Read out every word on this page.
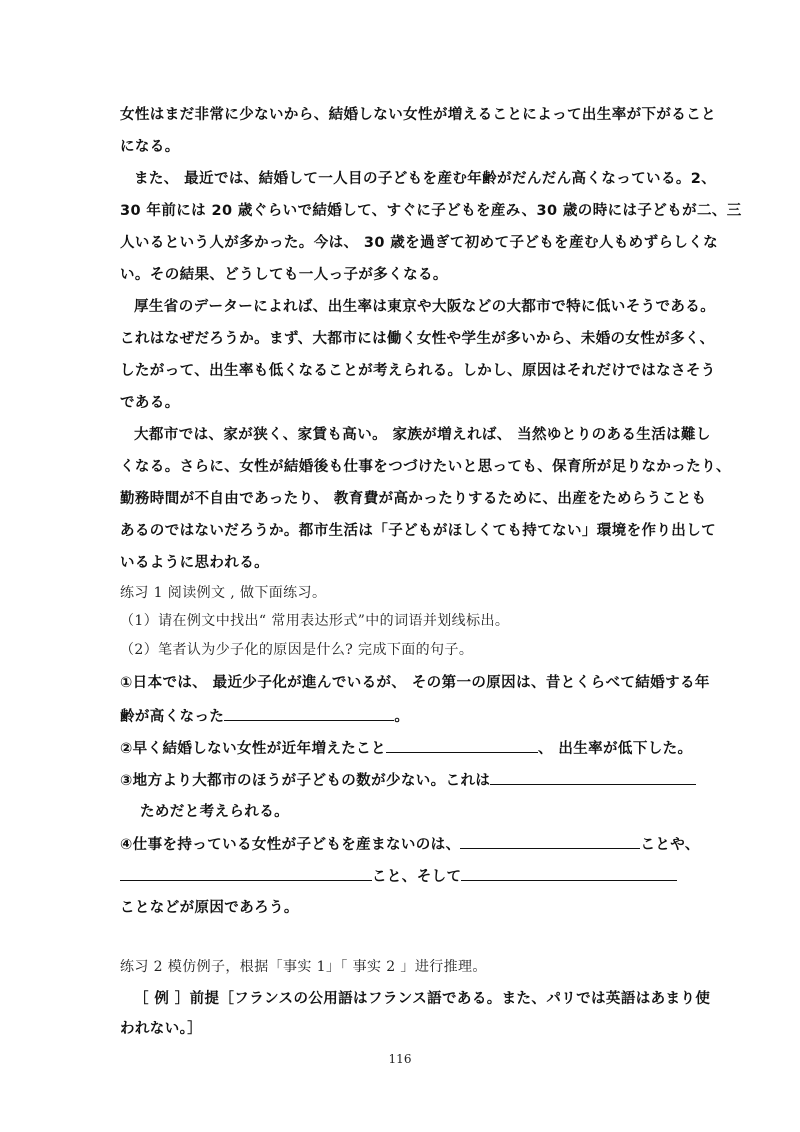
女性はまだ非常に少ないから、結婚しない女性が増えることによって出生率が下がること
になる。
また、 最近では、結婚して一人目の子どもを産む年齢がだんだん高くなっている。2、
30 年前には 20 歳ぐらいで結婚して、すぐに子どもを産み、30 歳の時には子どもが二、三
人いるという人が多かった。今は、 30 歳を過ぎて初めて子どもを産む人もめずらしくな
い。その結果、どうしても一人っ子が多くなる。
厚生省のデーターによれば、出生率は東京や大阪などの大都市で特に低いそうである。
これはなぜだろうか。まず、大都市には働く女性や学生が多いから、未婚の女性が多く、
したがって、出生率も低くなることが考えられる。しかし、原因はそれだけではなさそう
である。
大都市では、家が狭く、家賃も高い。 家族が増えれば、 当然ゆとりのある生活は難し
くなる。さらに、女性が結婚後も仕事をつづけたいと思っても、保育所が足りなかったり、
勤務時間が不自由であったり、 教育費が高かったりするために、出産をためらうことも
あるのではないだろうか。都市生活は「子どもがほしくても持てない」環境を作り出して
いるように思われる。
练习 1 阅读例文 , 做下面练习。
（1）请在例文中找出“ 常用表达形式”中的词语并划线标出。
（2）笔者认为少子化的原因是什么? 完成下面的句子。
①日本では、 最近少子化が進んでいるが、 その第一の原因は、昔とくらべて結婚する年
齢が高くなった	。
②早く結婚しない女性が近年増えたこと	、 出生率が低下した。
③地方より大都市のほうが子どもの数が少ない。これは
ためだと考えられる。
④仕事を持っている女性が子どもを産まないのは、	ことや、
こと、そして
ことなどが原因であろう。
练习 2 模仿例子，根据「事实 1」「 事实 2 」进行推理。
［ 例 ］前提［フランスの公用語はフランス語である。また、パリでは英語はあまり使
われない。］
116
